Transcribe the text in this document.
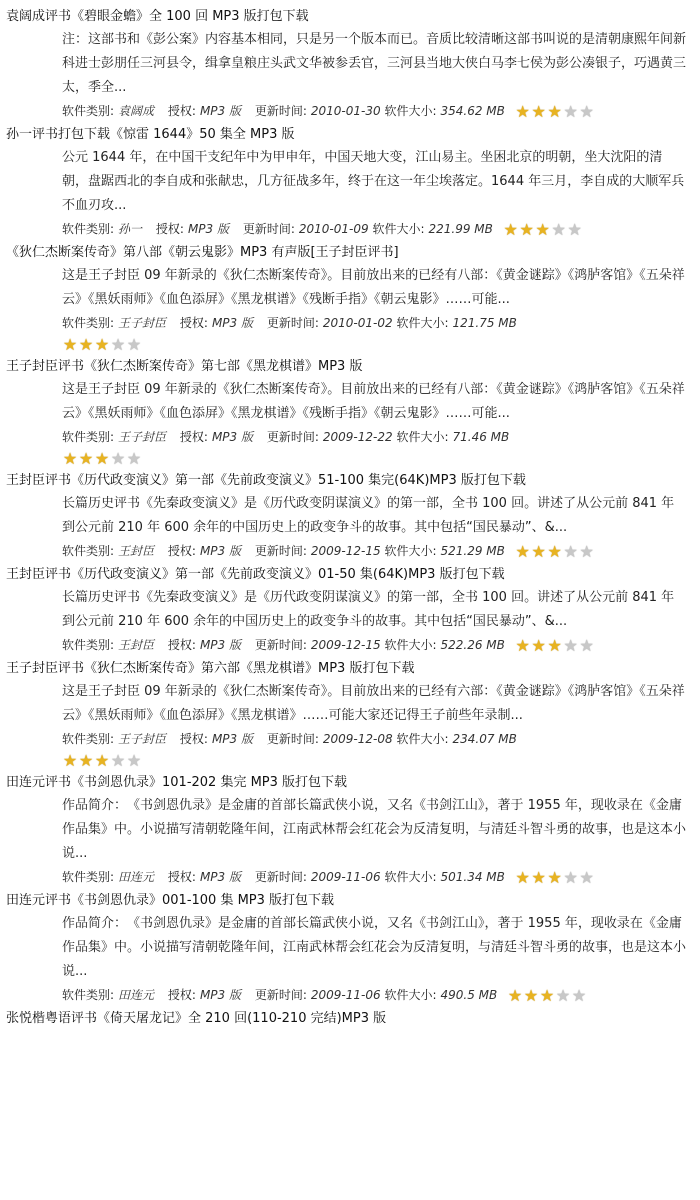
袁阔成评书《碧眼金蟾》全 100 回 MP3 版打包下载
注：这部书和《彭公案》内容基本相同，只是另一个版本而已。音质比较清晰这部书叫说的是清朝康熙年间新科进士彭朋任三河县令，缉拿皇粮庄头武文华被参丢官，三河县当地大侠白马李七侯为彭公凑银子，巧遇黄三太，季全...
软件类别: 袁阔成 授权: MP3 版 更新时间: 2010-01-30 软件大小: 354.62 MB ★ ★ ★ ★ ★
孙一评书打包下载《惊雷 1644》50 集全 MP3 版
公元 1644 年，在中国干支纪年中为甲申年，中国天地大变，江山易主。坐困北京的明朝，坐大沈阳的清朝，盘踞西北的李自成和张献忠，几方征战多年，终于在这一年尘埃落定。1644 年三月，李自成的大顺军兵不血刃攻...
软件类别: 孙一 授权: MP3 版 更新时间: 2010-01-09 软件大小: 221.99 MB ★ ★ ★ ★ ★
《狄仁杰断案传奇》第八部《朝云鬼影》MP3 有声版[王子封臣评书]
这是王子封臣 09 年新录的《狄仁杰断案传奇》。目前放出来的已经有八部：《黄金谜踪》《鸿胪客馆》《五朵祥云》《黑妖雨师》《血色添屏》《黑龙棋谱》《残断手指》《朝云鬼影》……可能...
软件类别: 王子封臣 授权: MP3 版 更新时间: 2010-01-02 软件大小: 121.75 MB
★ ★ ★ ★ ★
王子封臣评书《狄仁杰断案传奇》第七部《黑龙棋谱》MP3 版
这是王子封臣 09 年新录的《狄仁杰断案传奇》。目前放出来的已经有八部：《黄金谜踪》《鸿胪客馆》《五朵祥云》《黑妖雨师》《血色添屏》《黑龙棋谱》《残断手指》《朝云鬼影》……可能...
软件类别: 王子封臣 授权: MP3 版 更新时间: 2009-12-22 软件大小: 71.46 MB
★ ★ ★ ★ ★
王封臣评书《历代政变演义》第一部《先前政变演义》51-100 集完(64K)MP3 版打包下载
长篇历史评书《先秦政变演义》是《历代政变阴谋演义》的第一部，全书 100 回。讲述了从公元前 841 年到公元前 210 年 600 余年的中国历史上的政变争斗的故事。其中包括“国民暴动”、&...
软件类别: 王封臣 授权: MP3 版 更新时间: 2009-12-15 软件大小: 521.29 MB ★ ★ ★ ★ ★
王封臣评书《历代政变演义》第一部《先前政变演义》01-50 集(64K)MP3 版打包下载
长篇历史评书《先秦政变演义》是《历代政变阴谋演义》的第一部，全书 100 回。讲述了从公元前 841 年到公元前 210 年 600 余年的中国历史上的政变争斗的故事。其中包括“国民暴动”、&...
软件类别: 王封臣 授权: MP3 版 更新时间: 2009-12-15 软件大小: 522.26 MB ★ ★ ★ ★ ★
王子封臣评书《狄仁杰断案传奇》第六部《黑龙棋谱》MP3 版打包下载
这是王子封臣 09 年新录的《狄仁杰断案传奇》。目前放出来的已经有六部：《黄金谜踪》《鸿胪客馆》《五朵祥云》《黑妖雨师》《血色添屏》《黑龙棋谱》……可能大家还记得王子前些年录制...
软件类别: 王子封臣 授权: MP3 版 更新时间: 2009-12-08 软件大小: 234.07 MB
★ ★ ★ ★ ★
田连元评书《书剑恩仇录》101-202 集完 MP3 版打包下载
作品简介：　《书剑恩仇录》是金庸的首部长篇武侠小说，又名《书剑江山》，著于 1955 年，现收录在《金庸作品集》中。小说描写清朝乾隆年间，江南武林帮会红花会为反清复明，与清廷斗智斗勇的故事，也是这本小说...
软件类别: 田连元 授权: MP3 版 更新时间: 2009-11-06 软件大小: 501.34 MB ★ ★ ★ ★ ★
田连元评书《书剑恩仇录》001-100 集 MP3 版打包下载
作品简介：　《书剑恩仇录》是金庸的首部长篇武侠小说，又名《书剑江山》，著于 1955 年，现收录在《金庸作品集》中。小说描写清朝乾隆年间，江南武林帮会红花会为反清复明，与清廷斗智斗勇的故事，也是这本小说...
软件类别: 田连元 授权: MP3 版 更新时间: 2009-11-06 软件大小: 490.5 MB ★ ★ ★ ★ ★
张悦楷粤语评书《倚天屠龙记》全 210 回(110-210 完结)MP3 版
